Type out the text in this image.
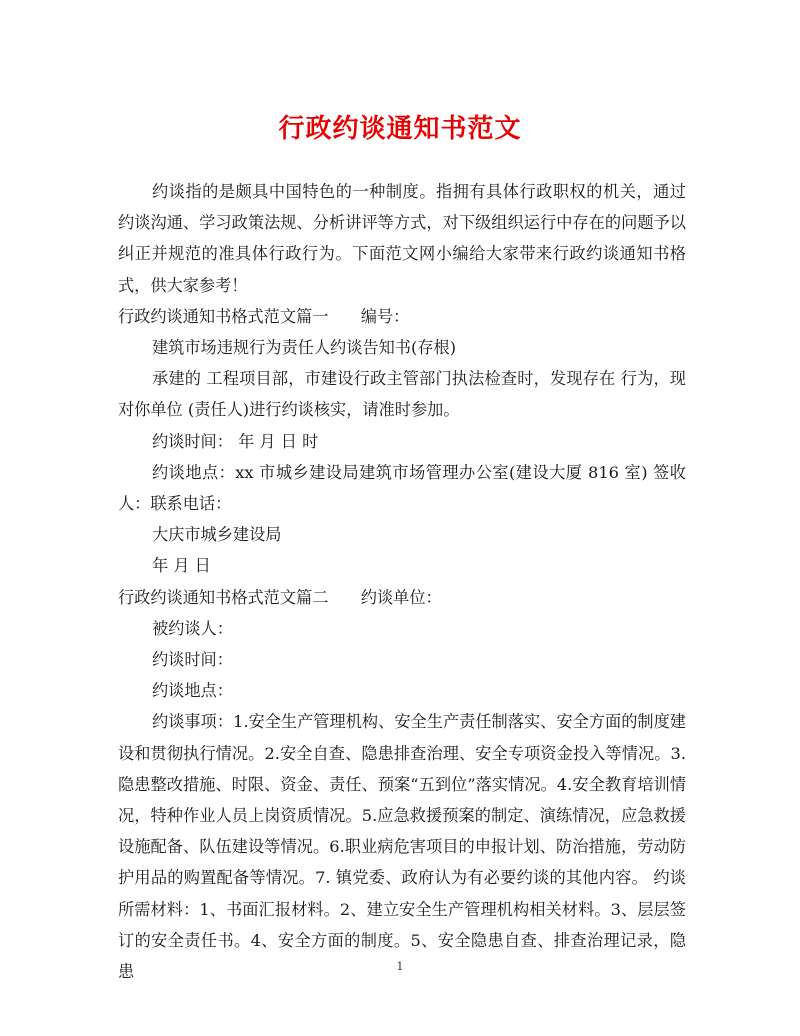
行政约谈通知书范文

约谈指的是颇具中国特色的一种制度。指拥有具体行政职权的机关，通过约谈沟通、学习政策法规、分析讲评等方式，对下级组织运行中存在的问题予以纠正并规范的准具体行政行为。下面范文网小编给大家带来行政约谈通知书格式，供大家参考！

行政约谈通知书格式范文篇一　　编号：

建筑市场违规行为责任人约谈告知书(存根)

承建的 工程项目部，市建设行政主管部门执法检查时，发现存在 行为，现对你单位 (责任人)进行约谈核实，请准时参加。

约谈时间： 年 月 日 时

约谈地点：xx 市城乡建设局建筑市场管理办公室(建设大厦 816 室) 签收人：联系电话：

大庆市城乡建设局

年 月 日

行政约谈通知书格式范文篇二　　约谈单位：

被约谈人：

约谈时间：

约谈地点：

约谈事项：1.安全生产管理机构、安全生产责任制落实、安全方面的制度建设和贯彻执行情况。2.安全自查、隐患排查治理、安全专项资金投入等情况。3.隐患整改措施、时限、资金、责任、预案“五到位”落实情况。4.安全教育培训情况，特种作业人员上岗资质情况。5.应急救援预案的制定、演练情况，应急救援设施配备、队伍建设等情况。6.职业病危害项目的申报计划、防治措施，劳动防护用品的购置配备等情况。7. 镇党委、政府认为有必要约谈的其他内容。 约谈所需材料：1、书面汇报材料。2、建立安全生产管理机构相关材料。3、层层签订的安全责任书。4、安全方面的制度。5、安全隐患自查、排查治理记录，隐患	1
